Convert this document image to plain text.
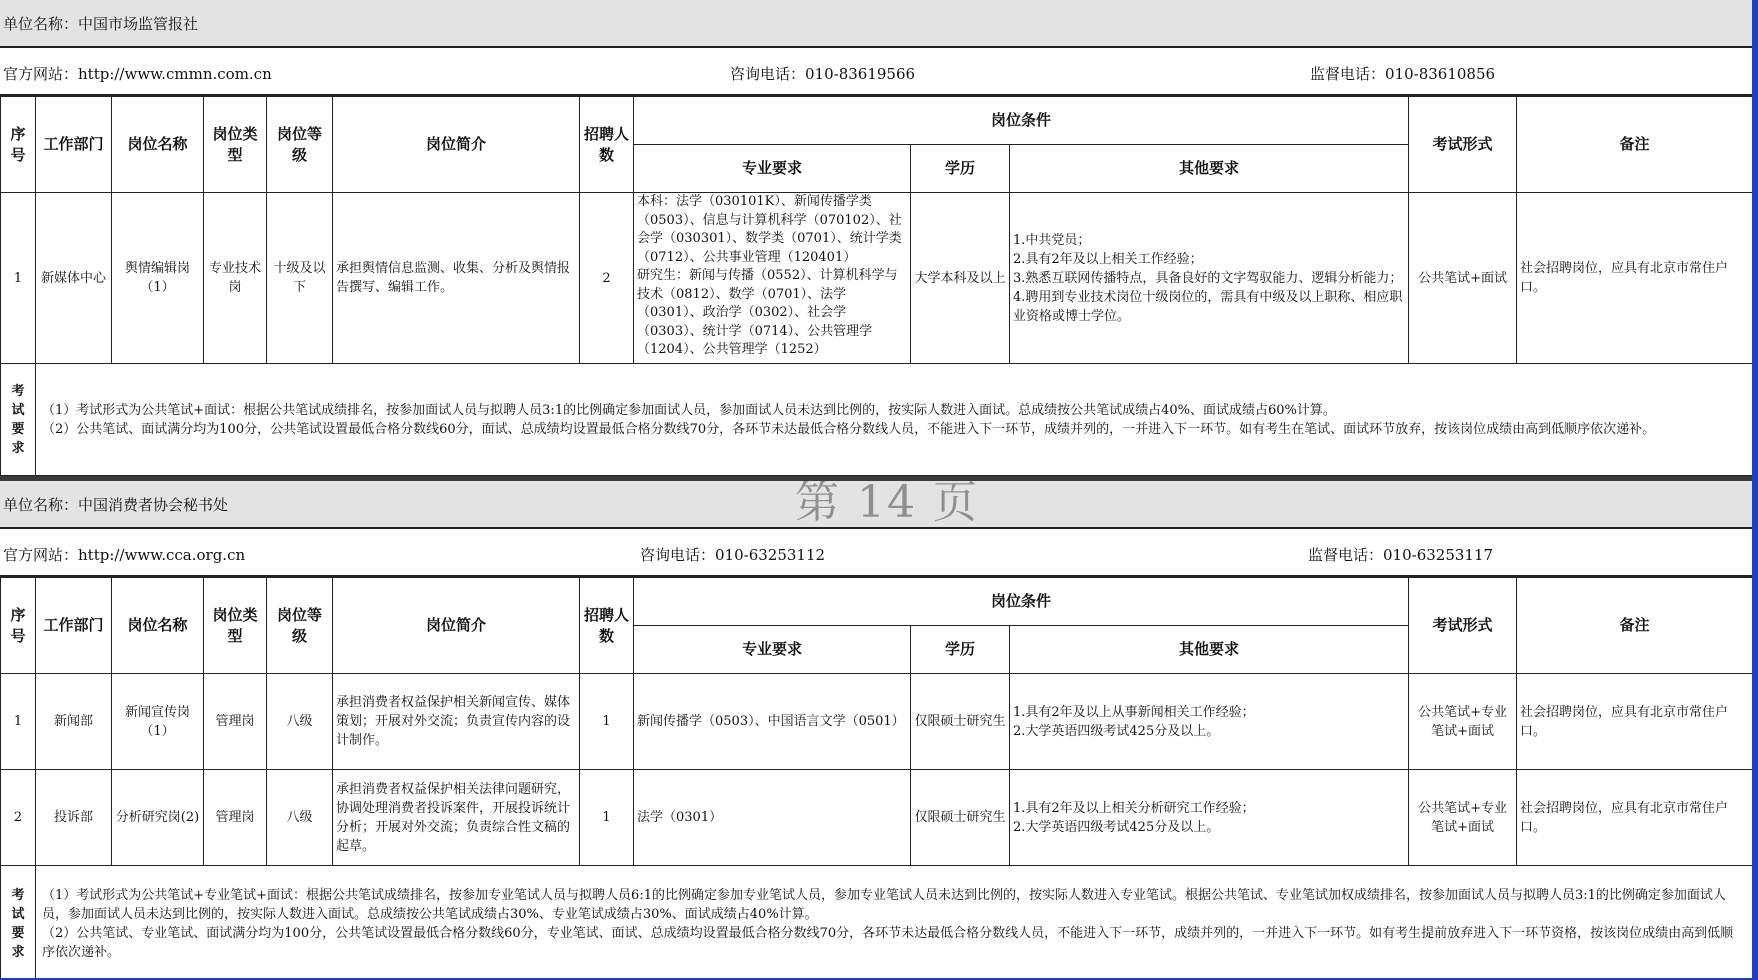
单位名称：中国市场监管报社
官方网站：http://www.cmmn.com.cn	咨询电话：010-83619566	监督电话：010-83610856
序号	工作部门	岗位名称	岗位类型	岗位等级	岗位简介	招聘人数	岗位条件			考试形式	备注
							专业要求	学历	其他要求		
1	新媒体中心	舆情编辑岗（1）	专业技术岗	十级及以下	承担舆情信息监测、收集、分析及舆情报告撰写、编辑工作。	2	本科：法学（030101K）、新闻传播学类（0503）、信息与计算机科学（070102）、社会学（030301）、数学类（0701）、统计学类（0712）、公共事业管理（120401）
研究生：新闻与传播（0552）、计算机科学与技术（0812）、数学（0701）、法学（0301）、政治学（0302）、社会学（0303）、统计学（0714）、公共管理学（1204）、公共管理学（1252）	大学本科及以上	1.中共党员；
2.具有2年及以上相关工作经验；
3.熟悉互联网传播特点，具备良好的文字驾驭能力、逻辑分析能力；
4.聘用到专业技术岗位十级岗位的，需具有中级及以上职称、相应职业资格或博士学位。	公共笔试+面试	社会招聘岗位，应具有北京市常住户口。
考试要求	（1）考试形式为公共笔试+面试：根据公共笔试成绩排名，按参加面试人员与拟聘人员3:1的比例确定参加面试人员，参加面试人员未达到比例的，按实际人数进入面试。总成绩按公共笔试成绩占40%、面试成绩占60%计算。

（2）公共笔试、面试满分均为100分，公共笔试设置最低合格分数线60分，面试、总成绩均设置最低合格分数线70分，各环节未达最低合格分数线人员，不能进入下一环节，成绩并列的，一并进入下一环节。如有考生在笔试、面试环节放弃，按该岗位成绩由高到低顺序依次递补。										

单位名称：中国消费者协会秘书处
官方网站：http://www.cca.org.cn	咨询电话：010-63253112	监督电话：010-63253117
序号	工作部门	岗位名称	岗位类型	岗位等级	岗位简介	招聘人数	岗位条件			考试形式	备注
							专业要求	学历	其他要求		
1	新闻部	新闻宣传岗（1）	管理岗	八级	承担消费者权益保护相关新闻宣传、媒体策划；开展对外交流；负责宣传内容的设计制作。	1	新闻传播学（0503）、中国语言文学（0501）	仅限硕士研究生	1.具有2年及以上从事新闻相关工作经验；
2.大学英语四级考试425分及以上。	公共笔试+专业笔试+面试	社会招聘岗位，应具有北京市常住户口。
2	投诉部	分析研究岗(2)	管理岗	八级	承担消费者权益保护相关法律问题研究，协调处理消费者投诉案件，开展投诉统计分析；开展对外交流；负责综合性文稿的起草。	1	法学（0301）	仅限硕士研究生	1.具有2年及以上相关分析研究工作经验；
2.大学英语四级考试425分及以上。	公共笔试+专业笔试+面试	社会招聘岗位，应具有北京市常住户口。
考试要求	（1）考试形式为公共笔试+专业笔试+面试：根据公共笔试成绩排名，按参加专业笔试人员与拟聘人员6:1的比例确定参加专业笔试人员，参加专业笔试人员未达到比例的，按实际人数进入专业笔试。根据公共笔试、专业笔试加权成绩排名，按参加面试人员与拟聘人员3:1的比例确定参加面试人员，参加面试人员未达到比例的，按实际人数进入面试。总成绩按公共笔试成绩占30%、专业笔试成绩占30%、面试成绩占40%计算。

（2）公共笔试、专业笔试、面试满分均为100分，公共笔试设置最低合格分数线60分，专业笔试、面试、总成绩均设置最低合格分数线70分，各环节未达最低合格分数线人员，不能进入下一环节，成绩并列的，一并进入下一环节。如有考生提前放弃进入下一环节资格，按该岗位成绩由高到低顺序依次递补。										

第 14 页
